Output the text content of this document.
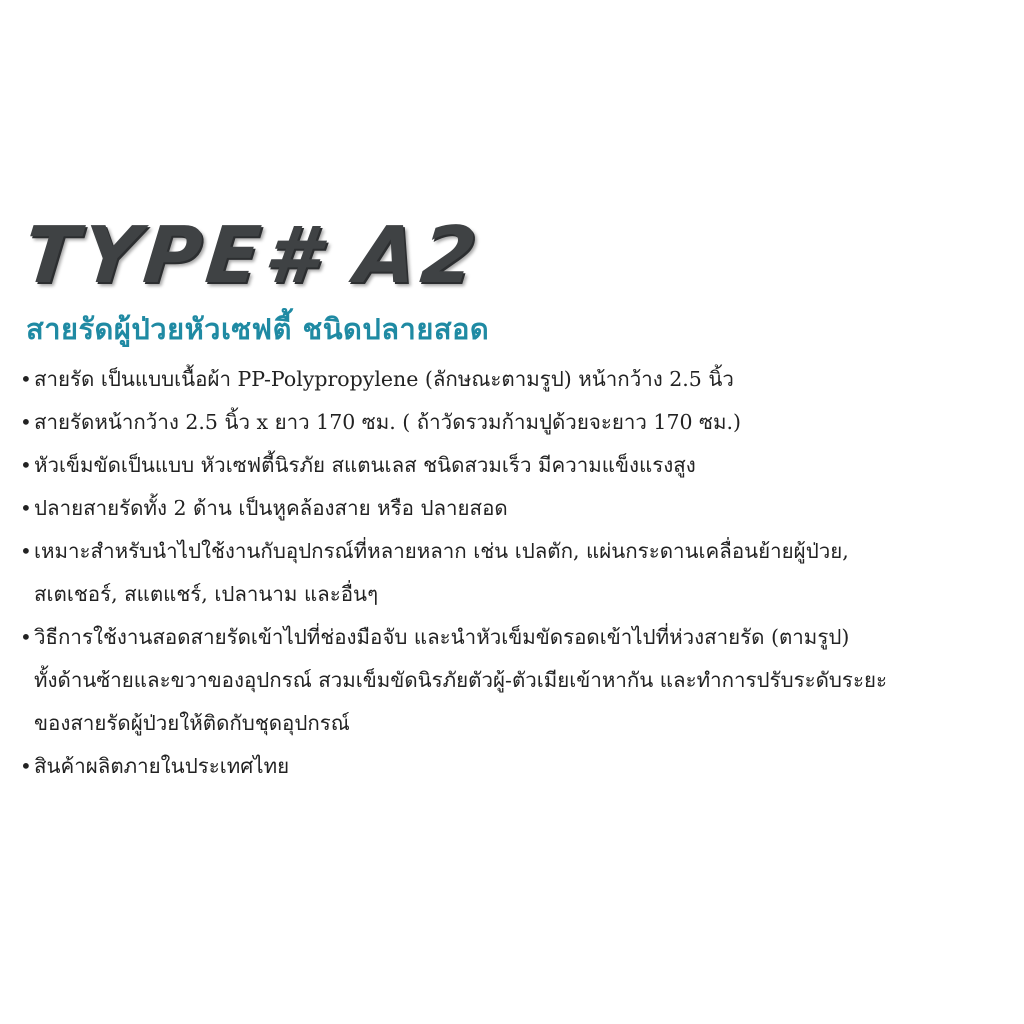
TYPE# A2
สายรัดผู้ป่วยหัวเซฟตี้ ชนิดปลายสอด
• สายรัด เป็นแบบเนื้อผ้า PP-Polypropylene (ลักษณะตามรูป) หน้ากว้าง 2.5 นิ้ว
• สายรัดหน้ากว้าง 2.5 นิ้ว x ยาว 170 ซม. ( ถ้าวัดรวมก้ามปูด้วยจะยาว 170 ซม.)
• หัวเข็มขัดเป็นแบบ หัวเซฟตี้นิรภัย สแตนเลส ชนิดสวมเร็ว มีความแข็งแรงสูง
• ปลายสายรัดทั้ง 2 ด้าน เป็นหูคล้องสาย หรือ ปลายสอด
• เหมาะสำหรับนำไปใช้งานกับอุปกรณ์ที่หลายหลาก เช่น เปลตัก, แผ่นกระดานเคลื่อนย้ายผู้ป่วย,
สเตเชอร์, สแตแชร์, เปลานาม และอื่นๆ
• วิธีการใช้งานสอดสายรัดเข้าไปที่ช่องมือจับ และนำหัวเข็มขัดรอดเข้าไปที่ห่วงสายรัด (ตามรูป)
ทั้งด้านซ้ายและขวาของอุปกรณ์ สวมเข็มขัดนิรภัยตัวผู้-ตัวเมียเข้าหากัน และทำการปรับระดับระยะ
ของสายรัดผู้ป่วยให้ติดกับชุดอุปกรณ์
• สินค้าผลิตภายในประเทศไทย
